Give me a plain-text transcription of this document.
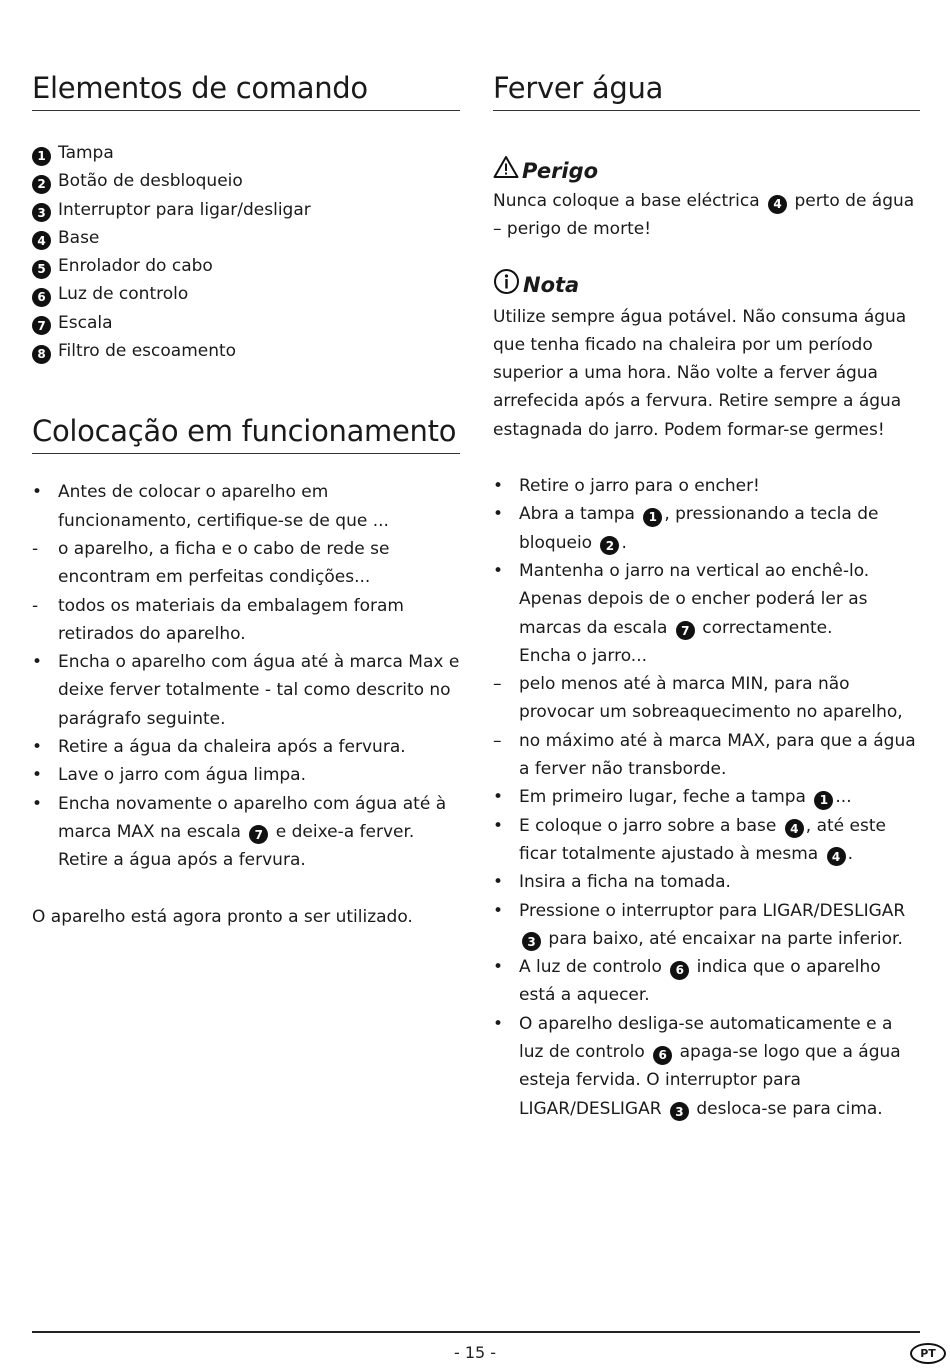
Elementos de comando
1 Tampa
2 Botão de desbloqueio
3 Interruptor para ligar/desligar
4 Base
5 Enrolador do cabo
6 Luz de controlo
7 Escala
8 Filtro de escoamento
Colocação em funcionamento
• Antes de colocar o aparelho em funcionamento, certifique-se de que ...
-	o aparelho, a ficha e o cabo de rede se encontram em perfeitas condições...
-	todos os materiais da embalagem foram retirados do aparelho.
• Encha o aparelho com água até à marca Max e deixe ferver totalmente - tal como descrito no parágrafo seguinte.
• Retire a água da chaleira após a fervura.
• Lave o jarro com água limpa.
• Encha novamente o aparelho com água até à marca MAX na escala 7 e deixe-a ferver. Retire a água após a fervura.
O aparelho está agora pronto a ser utilizado.
Ferver água
Perigo
Nunca coloque a base eléctrica 4 perto de água – perigo de morte!
Nota
Utilize sempre água potável. Não consuma água que tenha ficado na chaleira por um período superior a uma hora. Não volte a ferver água arrefecida após a fervura. Retire sempre a água estagnada do jarro. Podem formar-se germes!
• Retire o jarro para o encher!
• Abra a tampa 1 , pressionando a tecla de bloqueio 2 .
• Mantenha o jarro na vertical ao enchê-lo. Apenas depois de o encher poderá ler as marcas da escala 7 correctamente.
Encha o jarro...
–	pelo menos até à marca MIN, para não provocar um sobreaquecimento no aparelho,
–	no máximo até à marca MAX, para que a água a ferver não transborde.
• Em primeiro lugar, feche a tampa 1 ...
• E coloque o jarro sobre a base 4 , até este ficar totalmente ajustado à mesma 4 .
• Insira a ficha na tomada.
• Pressione o interruptor para LIGAR/DESLIGAR 3 para baixo, até encaixar na parte inferior.
• A luz de controlo 6 indica que o aparelho está a aquecer.
• O aparelho desliga-se automaticamente e a luz de controlo 6 apaga-se logo que a água esteja fervida. O interruptor para LIGAR/DESLIGAR 3 desloca-se para cima.
- 15 -	PT
